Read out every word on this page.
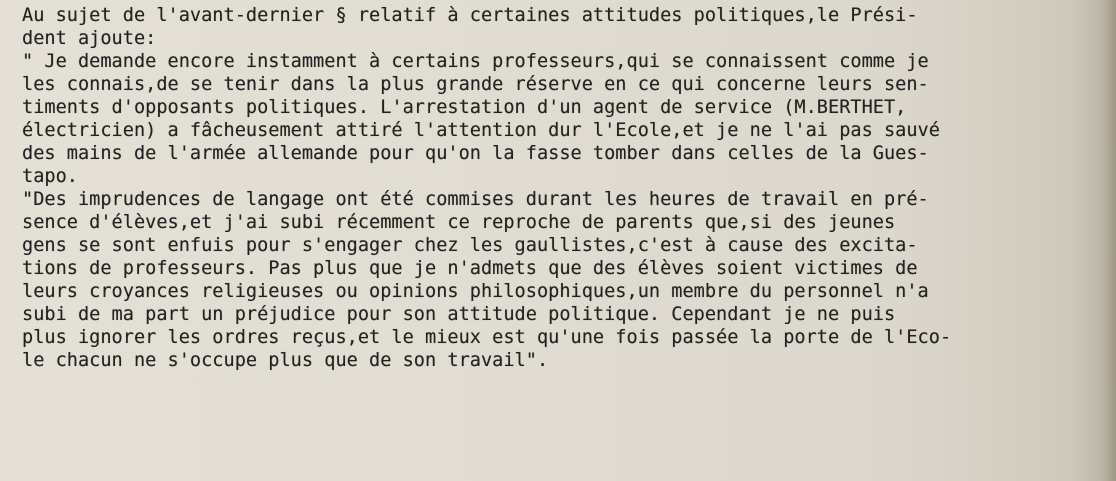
Au sujet de l'avant-dernier § relatif à certaines attitudes politiques,le Prési-
dent ajoute:
" Je demande encore instamment à certains professeurs,qui se connaissent comme je
les connais,de se tenir dans la plus grande réserve en ce qui concerne leurs sen-
timents d'opposants politiques. L'arrestation d'un agent de service (M.BERTHET,
électricien) a fâcheusement attiré l'attention dur l'Ecole,et je ne l'ai pas sauvé
des mains de l'armée allemande pour qu'on la fasse tomber dans celles de la Gues-
tapo.
"Des imprudences de langage ont été commises durant les heures de travail en pré-
sence d'élèves,et j'ai subi récemment ce reproche de parents que,si des jeunes
gens se sont enfuis pour s'engager chez les gaullistes,c'est à cause des excita-
tions de professeurs. Pas plus que je n'admets que des élèves soient victimes de
leurs croyances religieuses ou opinions philosophiques,un membre du personnel n'a
subi de ma part un préjudice pour son attitude politique. Cependant je ne puis
plus ignorer les ordres reçus,et le mieux est qu'une fois passée la porte de l'Eco-
le chacun ne s'occupe plus que de son travail".
